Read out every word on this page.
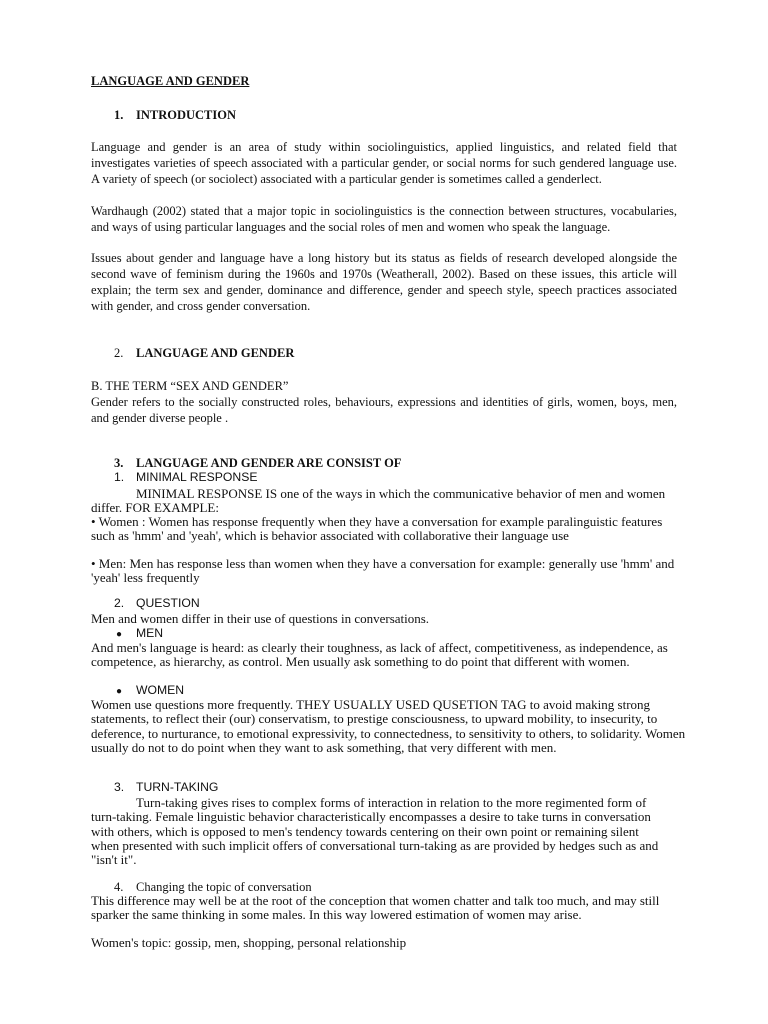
LANGUAGE AND GENDER
1. INTRODUCTION

Language and gender is an area of study within sociolinguistics, applied linguistics, and related field that investigates varieties of speech associated with a particular gender, or social norms for such gendered language use. A variety of speech (or sociolect) associated with a particular gender is sometimes called a genderlect.

Wardhaugh (2002) stated that a major topic in sociolinguistics is the connection between structures, vocabularies, and ways of using particular languages and the social roles of men and women who speak the language.

Issues about gender and language have a long history but its status as fields of research developed alongside the second wave of feminism during the 1960s and 1970s (Weatherall, 2002). Based on these issues, this article will explain; the term sex and gender, dominance and difference, gender and speech style, speech practices associated with gender, and cross gender conversation.

2. LANGUAGE AND GENDER
B. THE TERM “SEX AND GENDER”

Gender refers to the socially constructed roles, behaviours, expressions and identities of girls, women, boys, men, and gender diverse people .

3. LANGUAGE AND GENDER ARE CONSIST OF
1. MINIMAL RESPONSE

MINIMAL RESPONSE IS one of the ways in which the communicative behavior of men and women differ. FOR EXAMPLE:

• Women : Women has response frequently when they have a conversation for example paralinguistic features such as 'hmm' and 'yeah', which is behavior associated with collaborative their language use

• Men: Men has response less than women when they have a conversation for example: generally use 'hmm' and 'yeah' less frequently

2. QUESTION

Men and women differ in their use of questions in conversations.

● MEN

And men's language is heard: as clearly their toughness, as lack of affect, competitiveness, as independence, as competence, as hierarchy, as control. Men usually ask something to do point that different with women.

● WOMEN

Women use questions more frequently. THEY USUALLY USED QUSETION TAG to avoid making strong statements, to reflect their (our) conservatism, to prestige consciousness, to upward mobility, to insecurity, to deference, to nurturance, to emotional expressivity, to connectedness, to sensitivity to others, to solidarity. Women usually do not to do point when they want to ask something, that very different with men.

3. TURN-TAKING

Turn-taking gives rises to complex forms of interaction in relation to the more regimented form of turn-taking. Female linguistic behavior characteristically encompasses a desire to take turns in conversation with others, which is opposed to men's tendency towards centering on their own point or remaining silent when presented with such implicit offers of conversational turn-taking as are provided by hedges such as and "isn't it".

4. Changing the topic of conversation

This difference may well be at the root of the conception that women chatter and talk too much, and may still sparker the same thinking in some males. In this way lowered estimation of women may arise.

Women's topic: gossip, men, shopping, personal relationship
